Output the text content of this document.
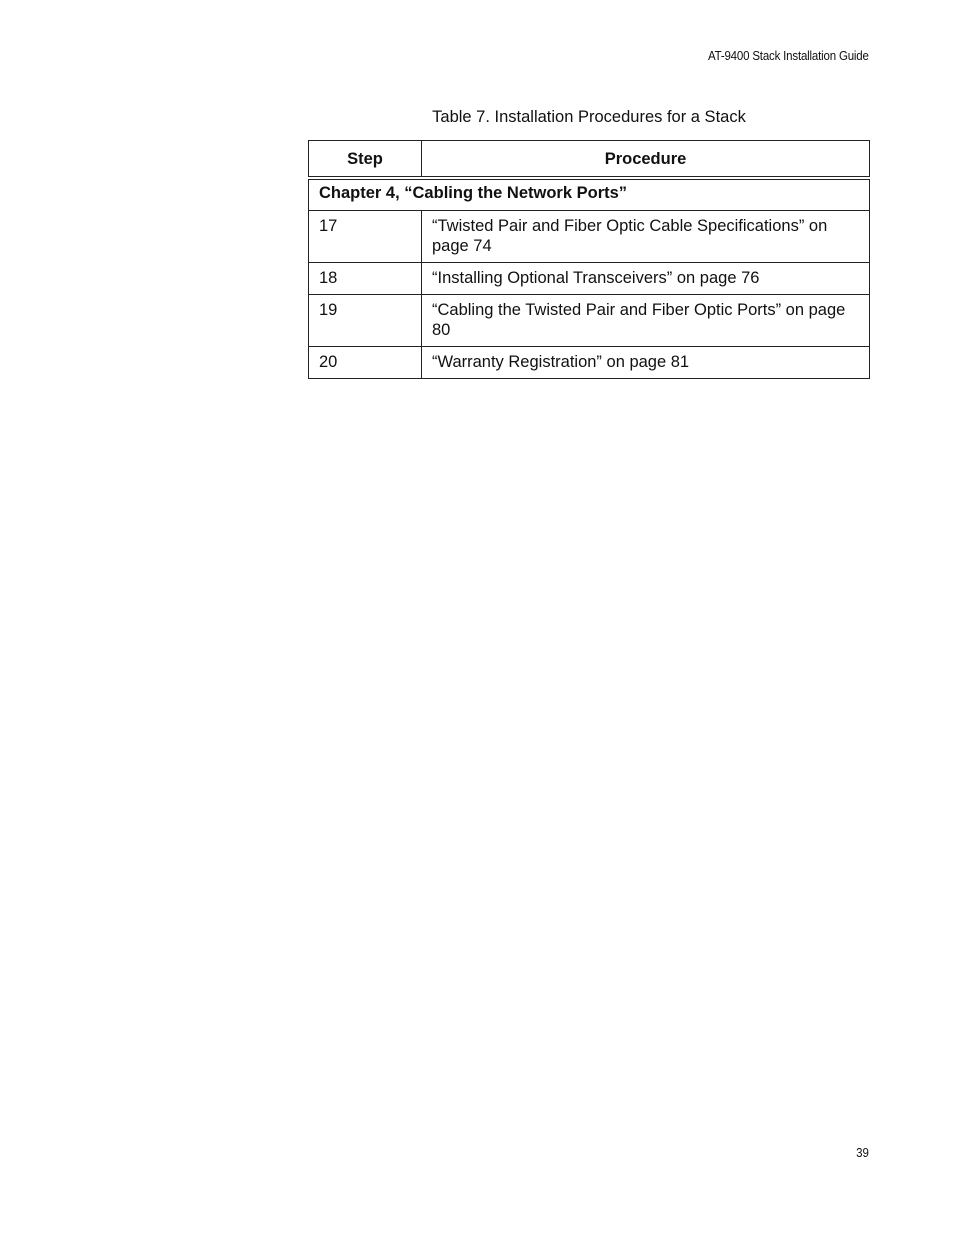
AT-9400 Stack Installation Guide
Table 7. Installation Procedures for a Stack
Step	Procedure
Chapter 4, “Cabling the Network Ports”	
17	“Twisted Pair and Fiber Optic Cable Specifications” on page 74
18	“Installing Optional Transceivers” on page 76
19	“Cabling the Twisted Pair and Fiber Optic Ports” on page 80
20	“Warranty Registration” on page 81
39
